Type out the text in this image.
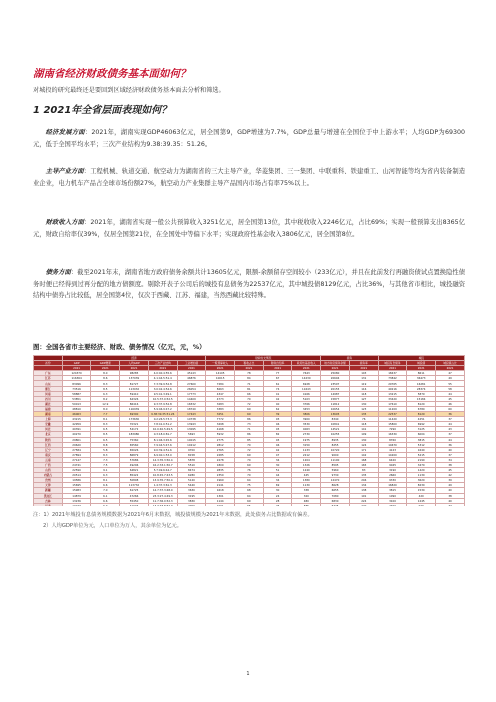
湖南省经济财政债务基本面如何？
对城投的研究最终还是要回到区域经济财政债务基本面去分析和筛选。
1 2021年全省层面表现如何？
经济发展方面：2021年，湖南实现GDP46063亿元，居全国第9，GDP增速为7.7%，GDP总量与增速在全国位于中上游水平；人均GDP为69300元，低于全国平均水平；三次产业结构为9.38:39.35：51.26。
主导产业方面：工程机械、轨道交通、航空动力为湖南省的三大主导产业，华菱集团、三一集团、中联重科、铁建重工、山河智能等均为省内装备制造业企业，电力机车产品占全球市场份额27%，航空动力产业集群主导产品国内市场占有率75%以上。
财政收入方面：2021年，湖南省实现一般公共预算收入3251亿元，居全国第13位，其中税收收入2246亿元，占比69%；实现一般预算支出8365亿元，财政自给率仅39%，仅居全国第21位，在全国处中等偏下水平；实现政府性基金收入3806亿元，居全国第8位。
债务方面：截至2021年末，湖南省地方政府债务余额共计13605亿元，限额-余额留存空间较小（233亿元），并且在此前发行再融资债试点置换隐性债务时便已经得到过再分配的地方债额度。剔除开表子公司后的城投有息债务为22537亿元，其中城投债8129亿元，占比36%，与其他省市相比，城投融资结构中债券占比较低，居全国第4位，仅次于西藏、江苏、福建，当然西藏比较特殊。
图：全国各省市主要经济、财政、债务情况（亿元，元，%）
	经济					财政收支情况				债务		城投		
省份	GDP	GDP增速	人均GDP	三次产业结构	工业增加值	一般预算收入	税收占比	财政自给率	政府性基金收入	地方政府债务余额	债务率	城投有息债务	城投债	城投债占比
	2021	2021	2021	2021	2021	2021	2021	2021	2021	2021	2021	2021	2021	2021
广东	124370	8.0	98285	4.0:40.4:55.6	45143	14105	78	77	7643	25080	103	18437	8611	47
江苏	116364	8.6	137039	4.1:44.5:51.4	46876	10015	84	67	14230	20694	131	73842	36473	49
山东	83096	8.3	81727	7.3:39.9:52.8	27600	7284	71	61	6928	23597	119	29765	16281	55
浙江	73516	8.5	113032	3.0:42.4:54.6	26054	8263	81	74	11643	20155	116	49216	28374	58
河南	58887	6.3	59410	9.5:41.3:49.1	17773	4347	66	41	4166	14987	118	13215	5879	44
四川	53851	8.2	64326	10.5:37.0:52.5	14409	4773	70	42	5103	15877	127	33420	15184	45
湖北	50013	12.9	86416	9.3:37.9:52.8	16532	3283	72	40	3766	11812	130	17610	8120	46
福建	48810	8.0	116939	5.9:46.9:47.2	18740	3383	69	62	3453	10654	123	11209	6780	60
湖南	46063	7.7	69300	9.38:39.35:51.26	17443	3251	69	39	3806	13605	135	22537	8129	36
上海	43215	8.1	173630	0.2:26.5:73.3	10738	7772	86	93	3900	8340	76	11420	4251	37
安徽	42959	8.3	70321	7.8:41.0:51.2	13943	3498	73	46	3530	10841	118	15800	6992	44
河北	40391	6.5	54172	10.0:40.5:49.5	13095	4168	71	45	4063	14521	141	7290	3125	43
北京	40270	8.5	183980	0.3:18.0:81.7	5693	5932	86	82	2730	10255	109	16330	6004	37
陕西	29801	6.5	75360	8.1:46.3:45.6	10015	2775	85	45	1975	8935	130	8760	3815	44
江西	29620	8.8	65560	7.9:44.5:47.6	10212	2812	70	46	3150	8255	124	14670	5312	36
辽宁	27584	5.8	65026	9.0:39.4:51.6	9700	2765	72	42	1133	10720	171	4123	1640	40
重庆	27894	8.3	86879	6.9:40.1:53.0	8158	2285	69	47	2212	9000	142	14200	5215	37
云南	27147	7.3	57686	14.3:35.3:50.4	5878	2278	70	34	1204	11190	168	6420	2190	34
广西	24741	7.5	49206	16.2:33.1:50.7	5510	1800	69	30	1326	8595	165	9045	3470	38
山西	22590	9.1	64821	5.7:49.6:44.7	8474	2835	76	51	1240	5960	83	3190	1420	45
内蒙古	20514	6.3	85422	10.8:45.7:43.5	6280	2350	70	44	445	9730	135	2660	1130	42
贵州	19586	8.1	50808	13.9:35.7:50.4	5120	1969	64	34	1380	12470	246	9330	3620	39
天津	15695	6.6	113732	1.4:37.3:61.3	5440	2141	75	69	1130	8628	134	16820	8230	49
新疆	15983	7.0	61725	14.7:37.3:48.0	3630	1618	68	30	338	6655	138	3815	1530	40
黑龙江	14879	6.1	47266	23.3:27.4:49.3	3195	1301	64	24	320	7080	191	1090	420	38
吉林	13236	6.6	55450	11.7:36.0:52.3	3830	1144	69	28	480	6830	224	3100	1245	40
甘肃	10243	6.9	41046	13.3:33.8:52.9	2900	1001	65	25	585	5745	220	2490	920	37

注：1）2021年城投有息债务规模数据为2021年6月末数据，城投债规模为2021年末数据，此处债务占比数据或有偏差。
2）人均GDP单位为元，人口单位为万人，其余单位为亿元。
1
